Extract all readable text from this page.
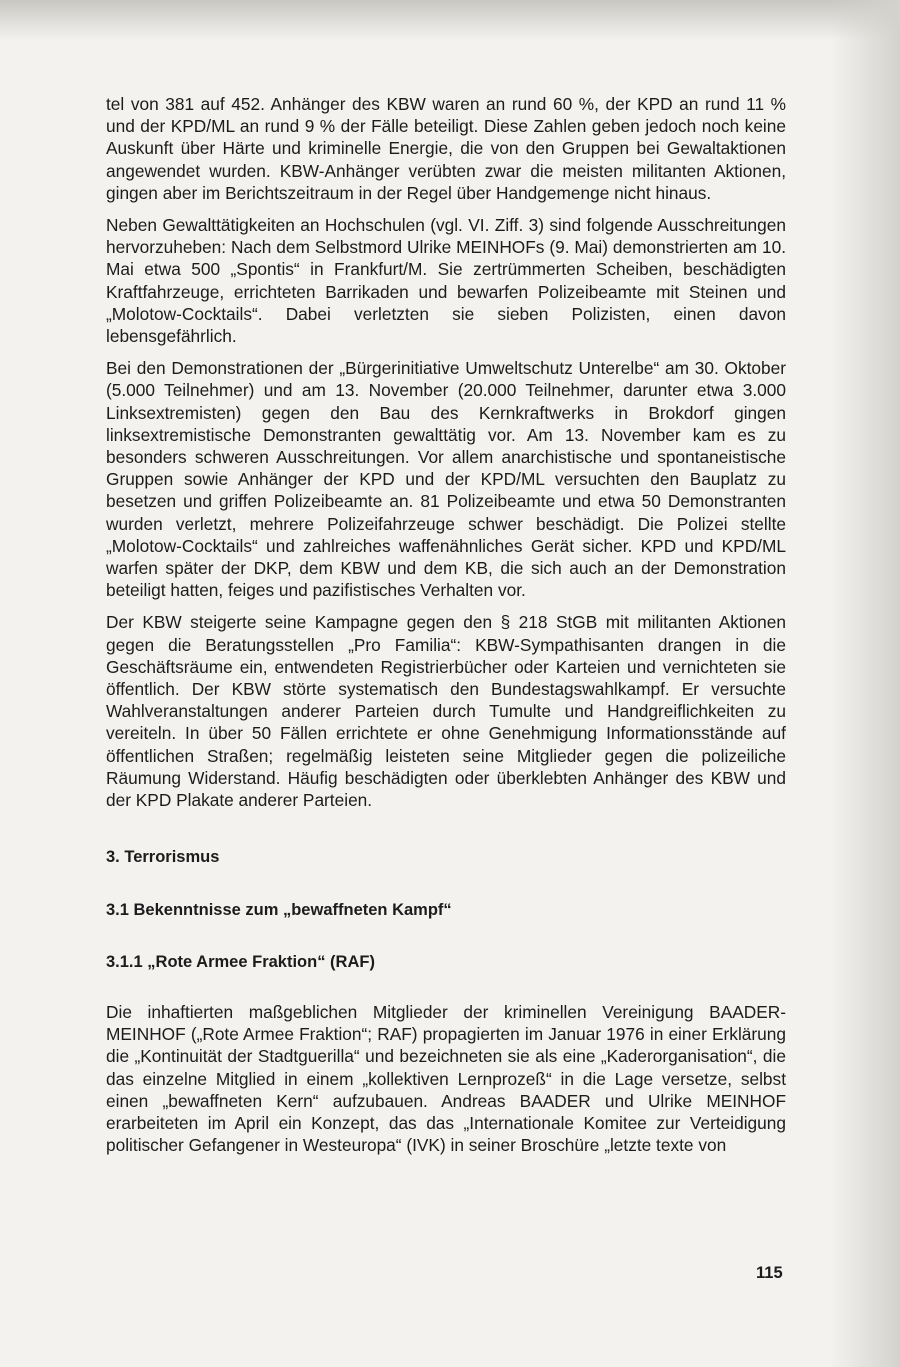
tel von 381 auf 452. Anhänger des KBW waren an rund 60 %, der KPD an rund 11 % und der KPD/ML an rund 9 % der Fälle beteiligt. Diese Zahlen geben jedoch noch keine Auskunft über Härte und kriminelle Energie, die von den Gruppen bei Gewaltaktionen angewendet wurden. KBW-Anhänger verübten zwar die meisten militanten Aktionen, gingen aber im Berichtszeitraum in der Regel über Handgemenge nicht hinaus.

Neben Gewalttätigkeiten an Hochschulen (vgl. VI. Ziff. 3) sind folgende Ausschreitungen hervorzuheben: Nach dem Selbstmord Ulrike MEINHOFs (9. Mai) demonstrierten am 10. Mai etwa 500 „Spontis“ in Frankfurt/M. Sie zertrümmerten Scheiben, beschädigten Kraftfahrzeuge, errichteten Barrikaden und bewarfen Polizeibeamte mit Steinen und „Molotow-Cocktails“. Dabei verletzten sie sieben Polizisten, einen davon lebensgefährlich.

Bei den Demonstrationen der „Bürgerinitiative Umweltschutz Unterelbe“ am 30. Oktober (5.000 Teilnehmer) und am 13. November (20.000 Teilnehmer, darunter etwa 3.000 Linksextremisten) gegen den Bau des Kernkraftwerks in Brokdorf gingen linksextremistische Demonstranten gewalttätig vor. Am 13. November kam es zu besonders schweren Ausschreitungen. Vor allem anarchistische und spontaneistische Gruppen sowie Anhänger der KPD und der KPD/ML versuchten den Bauplatz zu besetzen und griffen Polizeibeamte an. 81 Polizeibeamte und etwa 50 Demonstranten wurden verletzt, mehrere Polizeifahrzeuge schwer beschädigt. Die Polizei stellte „Molotow-Cocktails“ und zahlreiches waffenähnliches Gerät sicher. KPD und KPD/ML warfen später der DKP, dem KBW und dem KB, die sich auch an der Demonstration beteiligt hatten, feiges und pazifistisches Verhalten vor.

Der KBW steigerte seine Kampagne gegen den § 218 StGB mit militanten Aktionen gegen die Beratungsstellen „Pro Familia“: KBW-Sympathisanten drangen in die Geschäftsräume ein, entwendeten Registrierbücher oder Karteien und vernichteten sie öffentlich. Der KBW störte systematisch den Bundestagswahlkampf. Er versuchte Wahlveranstaltungen anderer Parteien durch Tumulte und Handgreiflichkeiten zu vereiteln. In über 50 Fällen errichtete er ohne Genehmigung Informationsstände auf öffentlichen Straßen; regelmäßig leisteten seine Mitglieder gegen die polizeiliche Räumung Widerstand. Häufig beschädigten oder überklebten Anhänger des KBW und der KPD Plakate anderer Parteien.

3. Terrorismus

3.1 Bekenntnisse zum „bewaffneten Kampf“

3.1.1 „Rote Armee Fraktion“ (RAF)

Die inhaftierten maßgeblichen Mitglieder der kriminellen Vereinigung BAADER-MEINHOF („Rote Armee Fraktion“; RAF) propagierten im Januar 1976 in einer Erklärung die „Kontinuität der Stadtguerilla“ und bezeichneten sie als eine „Kaderorganisation“, die das einzelne Mitglied in einem „kollektiven Lernprozeß“ in die Lage versetze, selbst einen „bewaffneten Kern“ aufzubauen. Andreas BAADER und Ulrike MEINHOF erarbeiteten im April ein Konzept, das das „Internationale Komitee zur Verteidigung politischer Gefangener in Westeuropa“ (IVK) in seiner Broschüre „letzte texte von

115
